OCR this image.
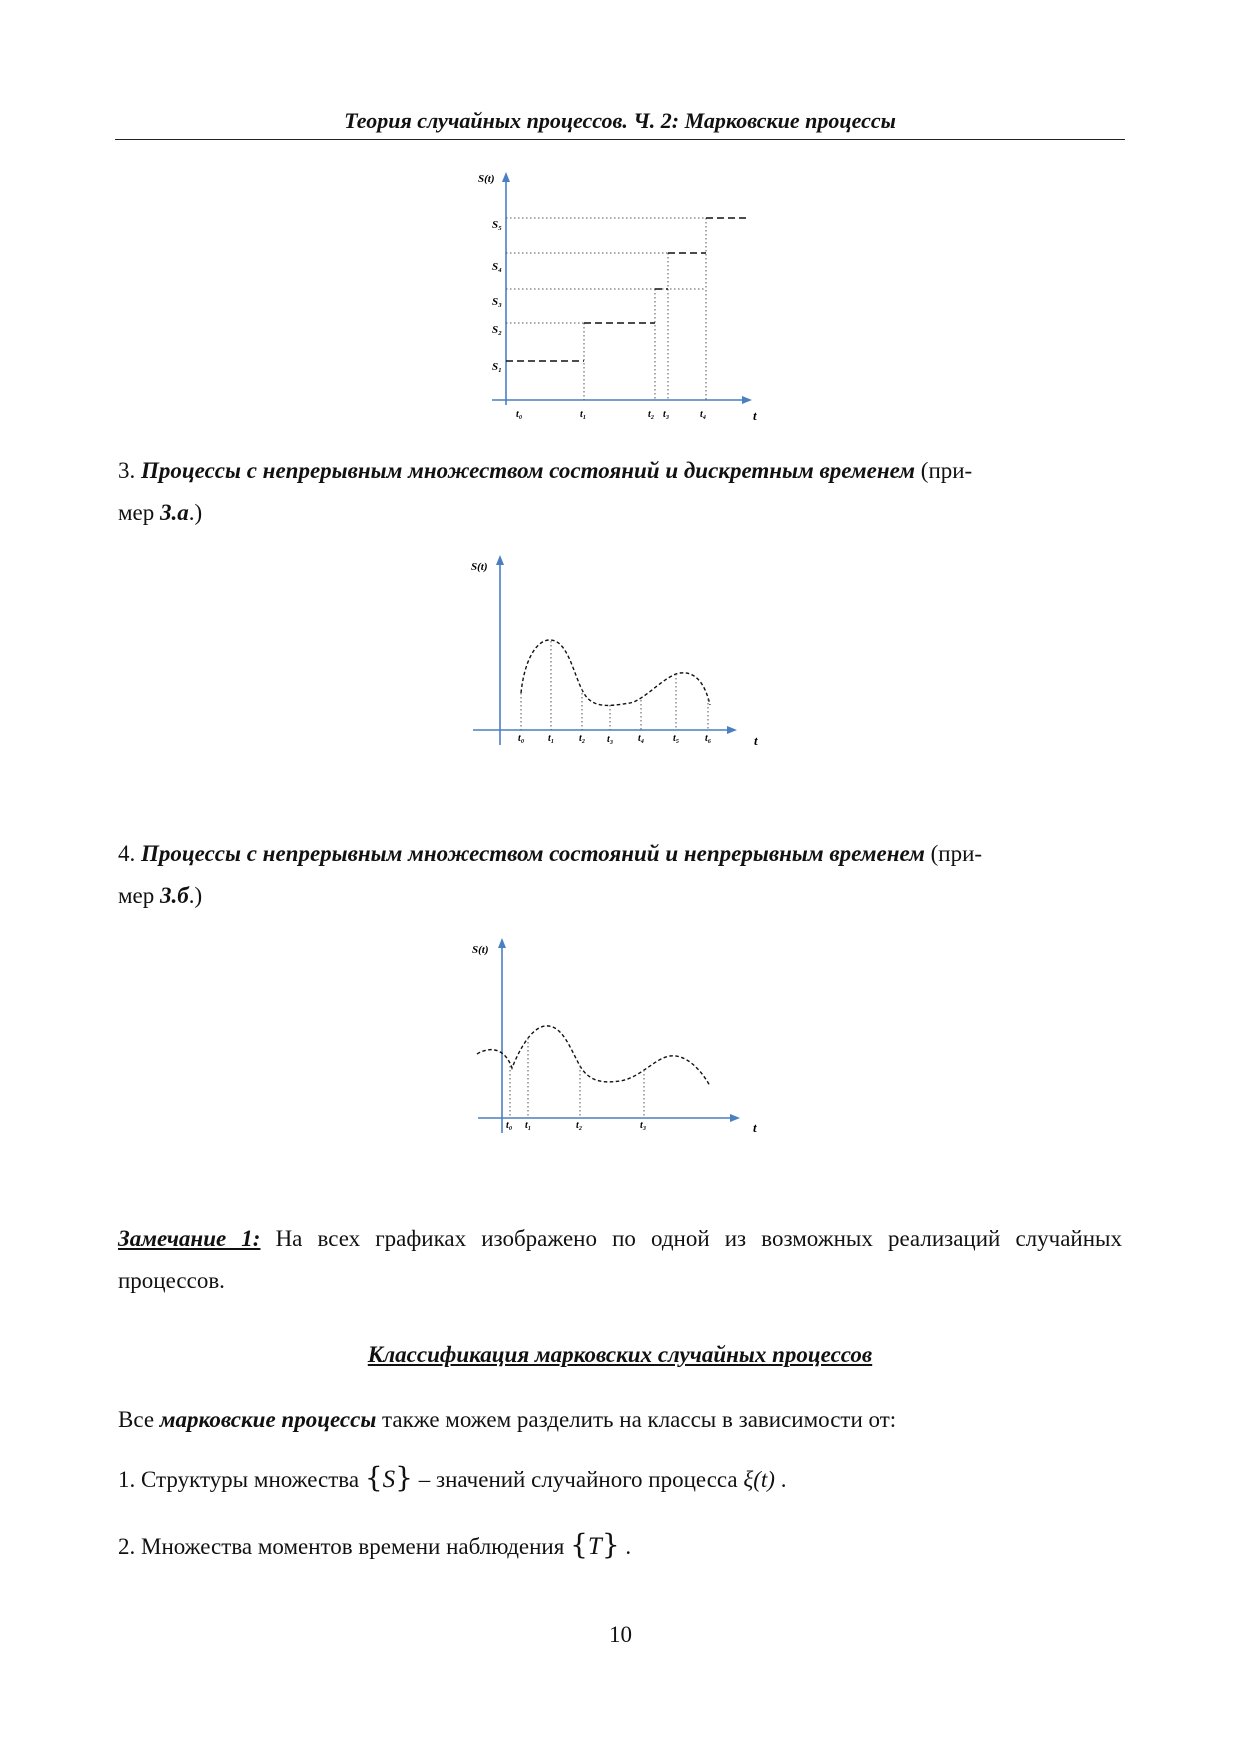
Теория случайных процессов. Ч. 2: Марковские процессы
S(t)
t
S₁
S₂
S₃
S₄
S₅
t₀	t₁	t₂ t₃	t₄
3. Процессы с непрерывным множеством состояний и дискретным временем (при-
мер 3.а.)
S(t)
t
t₀ t₁ t₂ t₃ t₄	t₅	t₆
4. Процессы с непрерывным множеством состояний и непрерывным временем (при-
мер 3.б.)
S(t)
t
t₀ t₁	t₂	t₃
Замечание 1: На всех графиках изображено по одной из возможных реализаций случайных процессов.
Классификация марковских случайных процессов
Все марковские процессы также можем разделить на классы в зависимости от:
1. Структуры множества {S} – значений случайного процесса ξ(t) .
2. Множества моментов времени наблюдения {T} .
10
